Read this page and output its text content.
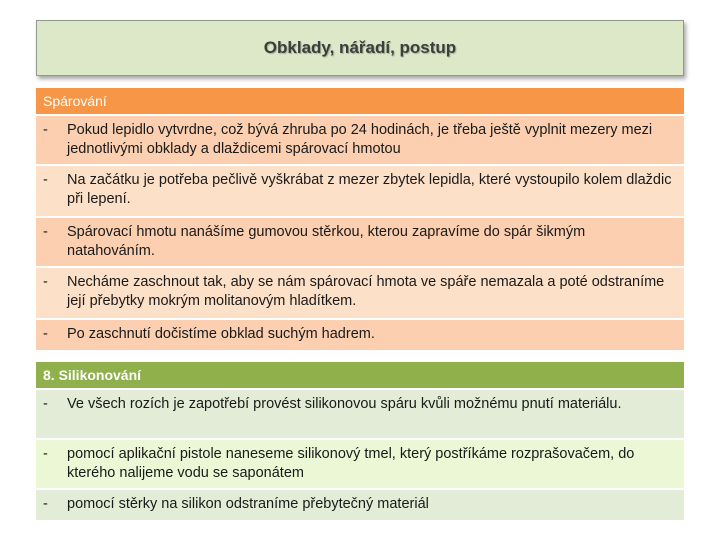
Obklady, nářadí, postup
Spárování
-	Pokud lepidlo vytvrdne, což bývá zhruba po 24 hodinách, je třeba ještě vyplnit mezery mezi jednotlivými obklady a dlaždicemi spárovací hmotou
-	Na začátku je potřeba pečlivě vyškrábat z mezer zbytek lepidla, které vystoupilo kolem dlaždic při lepení.
-	Spárovací hmotu nanášíme gumovou stěrkou, kterou zapravíme do spár šikmým natahováním.
-	Necháme zaschnout tak, aby se nám spárovací hmota ve spáře nemazala a poté odstraníme její přebytky mokrým molitanovým hladítkem.
-	Po zaschnutí dočistíme obklad suchým hadrem.
8. Silikonování
-	Ve všech rozích je zapotřebí provést silikonovou spáru kvůli možnému pnutí materiálu.
-	pomocí aplikační pistole naneseme silikonový tmel, který postříkáme rozprašovačem, do kterého nalijeme vodu se saponátem
-	pomocí stěrky na silikon odstraníme přebytečný materiál
